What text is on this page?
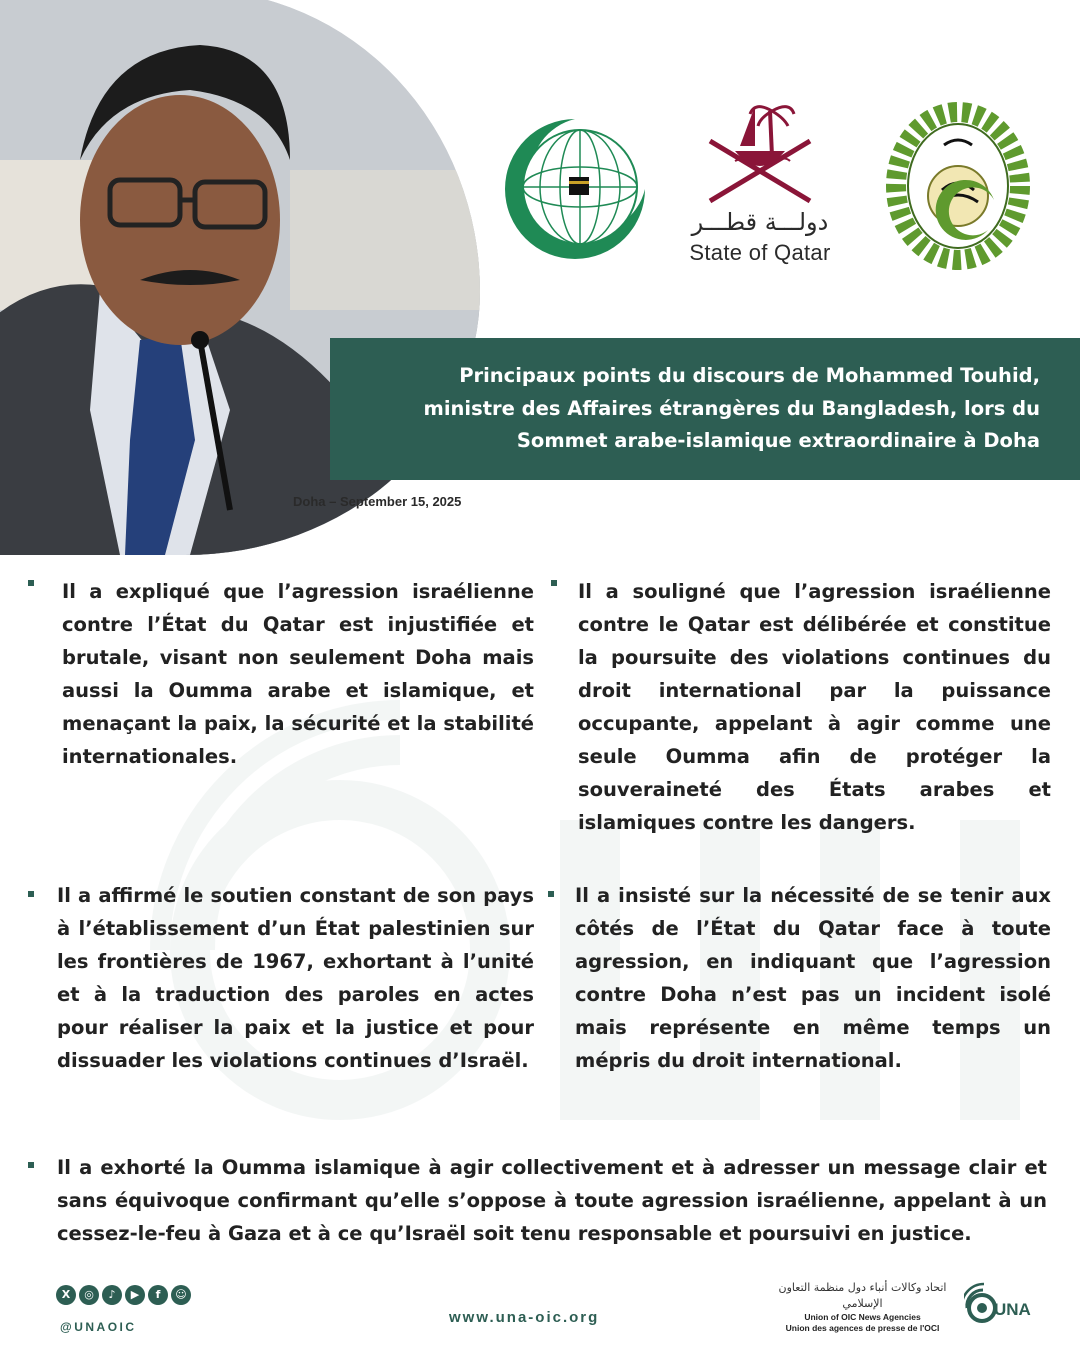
دولـــة قطـــر
State of Qatar
Principaux points du discours de Mohammed Touhid, ministre des Affaires étrangères du Bangladesh, lors du Sommet arabe-islamique extraordinaire à Doha
Doha – September 15, 2025
Il a expliqué que l’agression israélienne contre l’État du Qatar est injustifiée et brutale, visant non seulement Doha mais aussi la Oumma arabe et islamique, et menaçant la paix, la sécurité et la stabilité internationales.
Il a souligné que l’agression israélienne contre le Qatar est délibérée et constitue la poursuite des violations continues du droit international par la puissance occupante, appelant à agir comme une seule Oumma afin de protéger la souveraineté des États arabes et islamiques contre les dangers.
Il a affirmé le soutien constant de son pays à l’établissement d’un État palestinien sur les frontières de 1967, exhortant à l’unité et à la traduction des paroles en actes pour réaliser la paix et la justice et pour dissuader les violations continues d’Israël.
Il a insisté sur la nécessité de se tenir aux côtés de l’État du Qatar face à toute agression, en indiquant que l’agression contre Doha n’est pas un incident isolé mais représente en même temps un mépris du droit international.
Il a exhorté la Oumma islamique à agir collectivement et à adresser un message clair et sans équivoque confirmant qu’elle s’oppose à toute agression israélienne, appelant à un cessez-le-feu à Gaza et à ce qu’Israël soit tenu responsable et poursuivi en justice.
X	◎	♪	▶	f	☺
@UNAOIC
www.una-oic.org
اتحاد وكالات أنباء دول منظمة التعاون الإسلامي
Union of OIC News Agencies
Union des agences de presse de l'OCI
UNA
